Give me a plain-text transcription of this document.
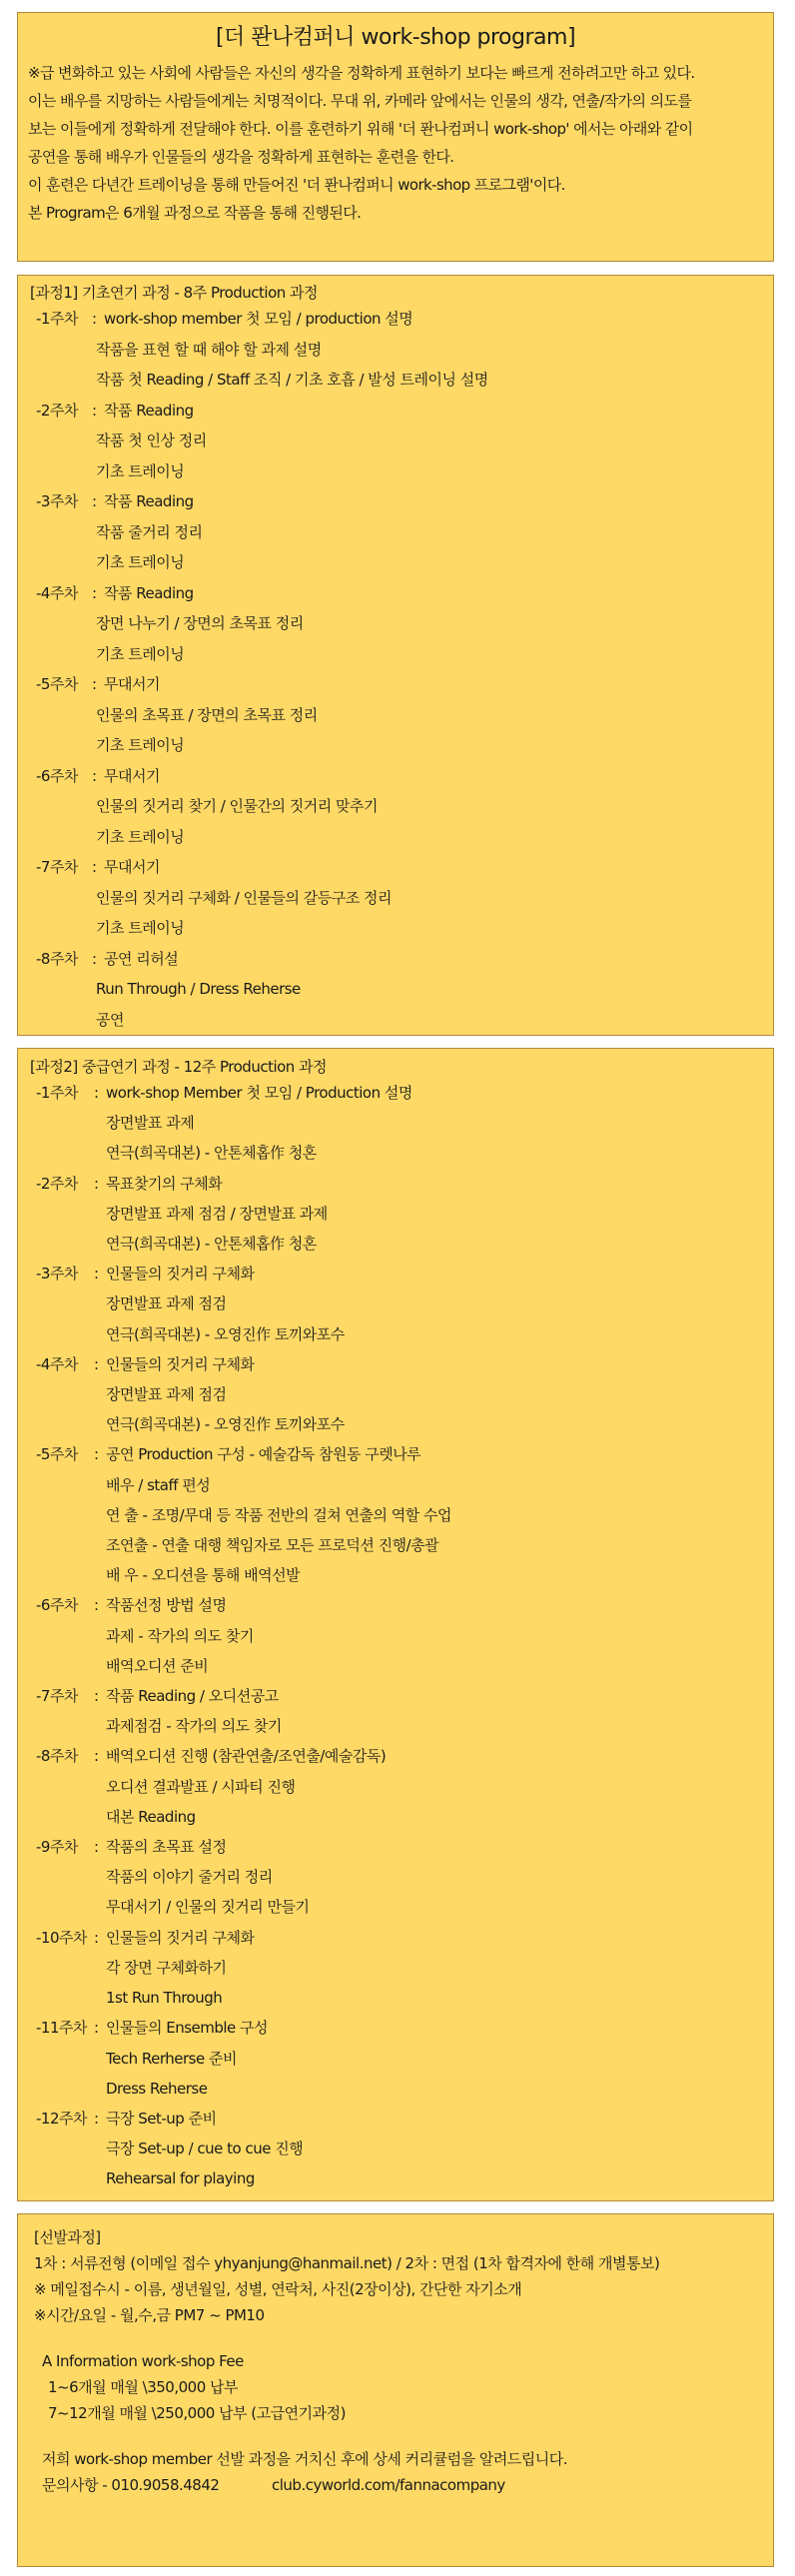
[더 퐌나컴퍼니 work-shop program]
※급 변화하고 있는 사회에 사람들은 자신의 생각을 정확하게 표현하기 보다는 빠르게 전하려고만 하고 있다.
이는 배우를 지망하는 사람들에게는 치명적이다. 무대 위, 카메라 앞에서는 인물의 생각, 연출/작가의 의도를
보는 이들에게 정확하게 전달해야 한다. 이를 훈련하기 위해 '더 퐌나컴퍼니 work-shop' 에서는 아래와 같이
공연을 통해 배우가 인물들의 생각을 정확하게 표현하는 훈련을 한다.
이 훈련은 다년간 트레이닝을 통해 만들어진 '더 퐌나컴퍼니 work-shop 프로그램'이다.
본 Program은 6개월 과정으로 작품을 통해 진행된다.
[과정1] 기초연기 과정 - 8주 Production 과정
-1주차 : work-shop member 첫 모임 / production 설명
작품을 표현 할 때 해야 할 과제 설명
작품 첫 Reading / Staff 조직 / 기초 호흡 / 발성 트레이닝 설명
-2주차 : 작품 Reading
작품 첫 인상 정리
기초 트레이닝
-3주차 : 작품 Reading
작품 줄거리 정리
기초 트레이닝
-4주차 : 작품 Reading
장면 나누기 / 장면의 초목표 정리
기초 트레이닝
-5주차 : 무대서기
인물의 초목표 / 장면의 초목표 정리
기초 트레이닝
-6주차 : 무대서기
인물의 짓거리 찾기 / 인물간의 짓거리 맞추기
기초 트레이닝
-7주차 : 무대서기
인물의 짓거리 구체화 / 인물들의 갈등구조 정리
기초 트레이닝
-8주차 : 공연 리허설
Run Through / Dress Reherse
공연
[과정2] 중급연기 과정 - 12주 Production 과정
-1주차	: work-shop Member 첫 모임 / Production 설명
장면발표 과제
연극(희곡대본) - 안톤체홉作 청혼
-2주차	: 목표찾기의 구체화
장면발표 과제 점검 / 장면발표 과제
연극(희곡대본) - 안톤체홉作 청혼
-3주차	: 인물들의 짓거리 구체화
장면발표 과제 점검
연극(희곡대본) - 오영진作 토끼와포수
-4주차	: 인물들의 짓거리 구체화
장면발표 과제 점검
연극(희곡대본) - 오영진作 토끼와포수
-5주차	: 공연 Production 구성 - 예술감독 참원동 구렛나루
배우 / staff 편성
연 출 - 조명/무대 등 작품 전반의 걸쳐 연출의 역할 수업
조연출 - 연출 대행 책임자로 모든 프로덕션 진행/총괄
배 우 - 오디션을 통해 배역선발
-6주차	: 작품선정 방법 설명
과제 - 작가의 의도 찾기
배역오디션 준비
-7주차	: 작품 Reading / 오디션공고
과제점검 - 작가의 의도 찾기
-8주차	: 배역오디션 진행 (참관연출/조연출/예술감독)
오디션 결과발표 / 시파티 진행
대본 Reading
-9주차	: 작품의 초목표 설정
작품의 이야기 줄거리 정리
무대서기 / 인물의 짓거리 만들기
-10주차 : 인물들의 짓거리 구체화
각 장면 구체화하기
1st Run Through
-11주차 : 인물들의 Ensemble 구성
Tech Rerherse 준비
Dress Reherse
-12주차 : 극장 Set-up 준비
극장 Set-up / cue to cue 진행
Rehearsal for playing
[선발과정]
1차 : 서류전형 (이메일 접수 yhyanjung@hanmail.net) / 2차 : 면접 (1차 합격자에 한해 개별통보)
※ 메일접수시 - 이름, 생년월일, 성별, 연락처, 사진(2장이상), 간단한 자기소개
※시간/요일 - 월,수,금 PM7 ~ PM10
A Information work-shop Fee
1~6개월 매월 \350,000 납부
7~12개월 매월 \250,000 납부 (고급연기과정)
저희 work-shop member 선발 과정을 거치신 후에 상세 커리큘럼을 알려드립니다.
문의사항 - 010.9058.4842	club.cyworld.com/fannacompany
